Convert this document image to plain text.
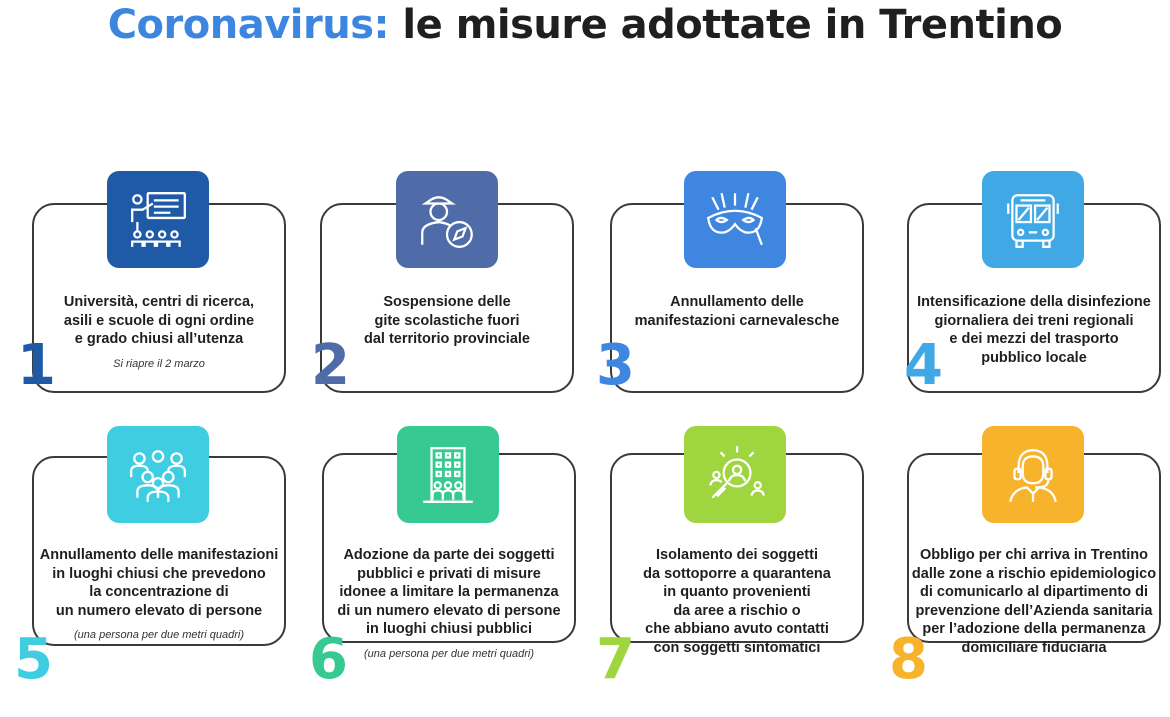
Coronavirus: le misure adottate in Trentino
Università, centri di ricerca,
asili e scuole di ogni ordine
e grado chiusi all’utenza
Si riapre il 2 marzo
1
Sospensione delle
gite scolastiche fuori
dal territorio provinciale
2
Annullamento delle
manifestazioni carnevalesche
3
Intensificazione della disinfezione
giornaliera dei treni regionali
e dei mezzi del trasporto
pubblico locale
4
Annullamento delle manifestazioni
in luoghi chiusi che prevedono
la concentrazione di
un numero elevato di persone
(una persona per due metri quadri)
5
Adozione da parte dei soggetti
pubblici e privati di misure
idonee a limitare la permanenza
di un numero elevato di persone
in luoghi chiusi pubblici
(una persona per due metri quadri)
6
Isolamento dei soggetti
da sottoporre a quarantena
in quanto provenienti
da aree a rischio o
che abbiano avuto contatti
con soggetti sintomatici
7
Obbligo per chi arriva in Trentino
dalle zone a rischio epidemiologico
di comunicarlo al dipartimento di
prevenzione dell’Azienda sanitaria
per l’adozione della permanenza
domiciliare fiduciaria
8
